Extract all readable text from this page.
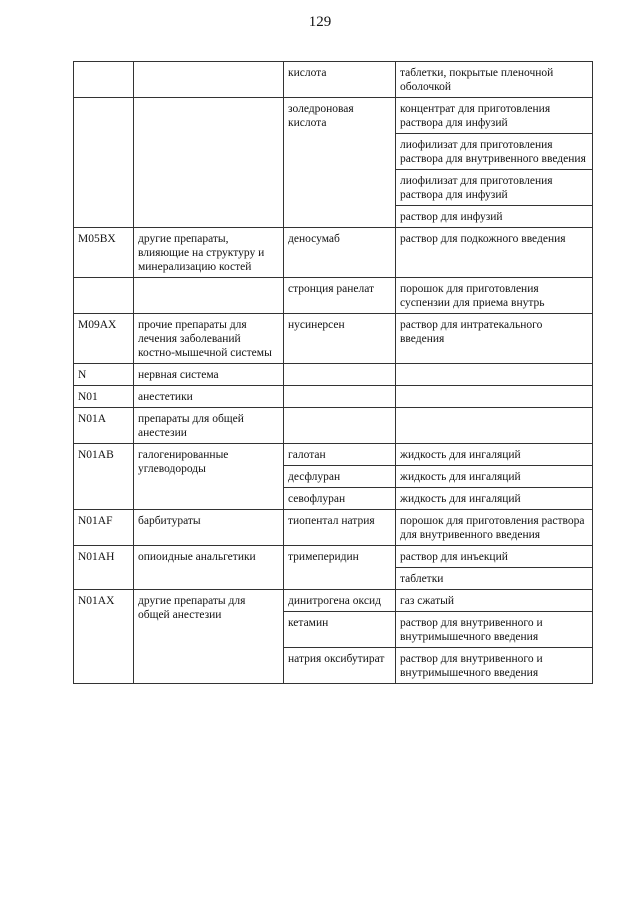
129
		кислота	таблетки, покрытые пленочной оболочкой
		золедроновая кислота	концентрат для приготовления раствора для инфузий
			лиофилизат для приготовления раствора для внутривенного введения
			лиофилизат для приготовления раствора для инфузий
			раствор для инфузий
M05BX	другие препараты, влияющие на структуру и минерализацию костей	деносумаб	раствор для подкожного введения
		стронция ранелат	порошок для приготовления суспензии для приема внутрь
M09AX	прочие препараты для лечения заболеваний костно-мышечной системы	нусинерсен	раствор для интратекального введения
N	нервная система		
N01	анестетики		
N01A	препараты для общей анестезии		
N01AB	галогенированные углеводороды	галотан	жидкость для ингаляций
		десфлуран	жидкость для ингаляций
		севофлуран	жидкость для ингаляций
N01AF	барбитураты	тиопентал натрия	порошок для приготовления раствора для внутривенного введения
N01AH	опиоидные анальгетики	тримеперидин	раствор для инъекций
			таблетки
N01AX	другие препараты для общей анестезии	динитрогена оксид	газ сжатый
		кетамин	раствор для внутривенного и внутримышечного введения
		натрия оксибутират	раствор для внутривенного и внутримышечного введения
